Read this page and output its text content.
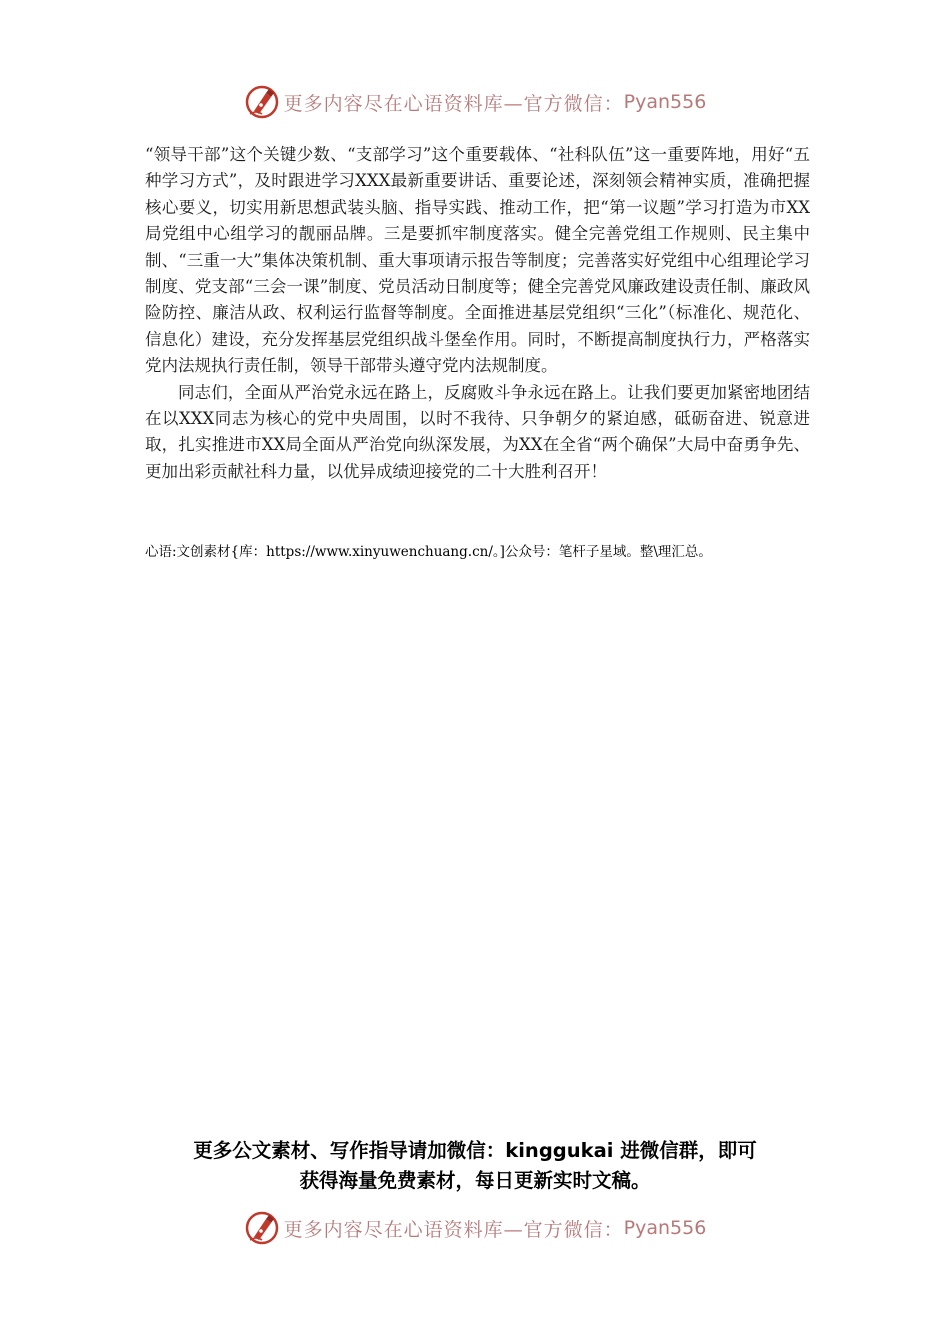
更多内容尽在心语资料库—官方微信： Pyan556

“领导干部”这个关键少数、“支部学习”这个重要载体、“社科队伍”这一重要阵地，用好“五种学习方式”，及时跟进学习XXX最新重要讲话、重要论述，深刻领会精神实质，准确把握核心要义，切实用新思想武装头脑、指导实践、推动工作，把“第一议题”学习打造为市XX局党组中心组学习的靓丽品牌。三是要抓牢制度落实。健全完善党组工作规则、民主集中制、“三重一大”集体决策机制、重大事项请示报告等制度；完善落实好党组中心组理论学习制度、党支部“三会一课”制度、党员活动日制度等；健全完善党风廉政建设责任制、廉政风险防控、廉洁从政、权利运行监督等制度。全面推进基层党组织“三化”（标准化、规范化、信息化）建设，充分发挥基层党组织战斗堡垒作用。同时，不断提高制度执行力，严格落实党内法规执行责任制，领导干部带头遵守党内法规制度。

同志们，全面从严治党永远在路上，反腐败斗争永远在路上。让我们要更加紧密地团结在以XXX同志为核心的党中央周围，以时不我待、只争朝夕的紧迫感，砥砺奋进、锐意进取，扎实推进市XX局全面从严治党向纵深发展，为XX在全省“两个确保”大局中奋勇争先、更加出彩贡献社科力量，以优异成绩迎接党的二十大胜利召开！

心语:文创素材{库：https://www.xinyuwenchuang.cn/。]公众号：笔杆子星域。整\理汇总。
更多公文素材、写作指导请加微信：kinggukai 进微信群，即可
获得海量免费素材，每日更新实时文稿。
更多内容尽在心语资料库—官方微信： Pyan556
